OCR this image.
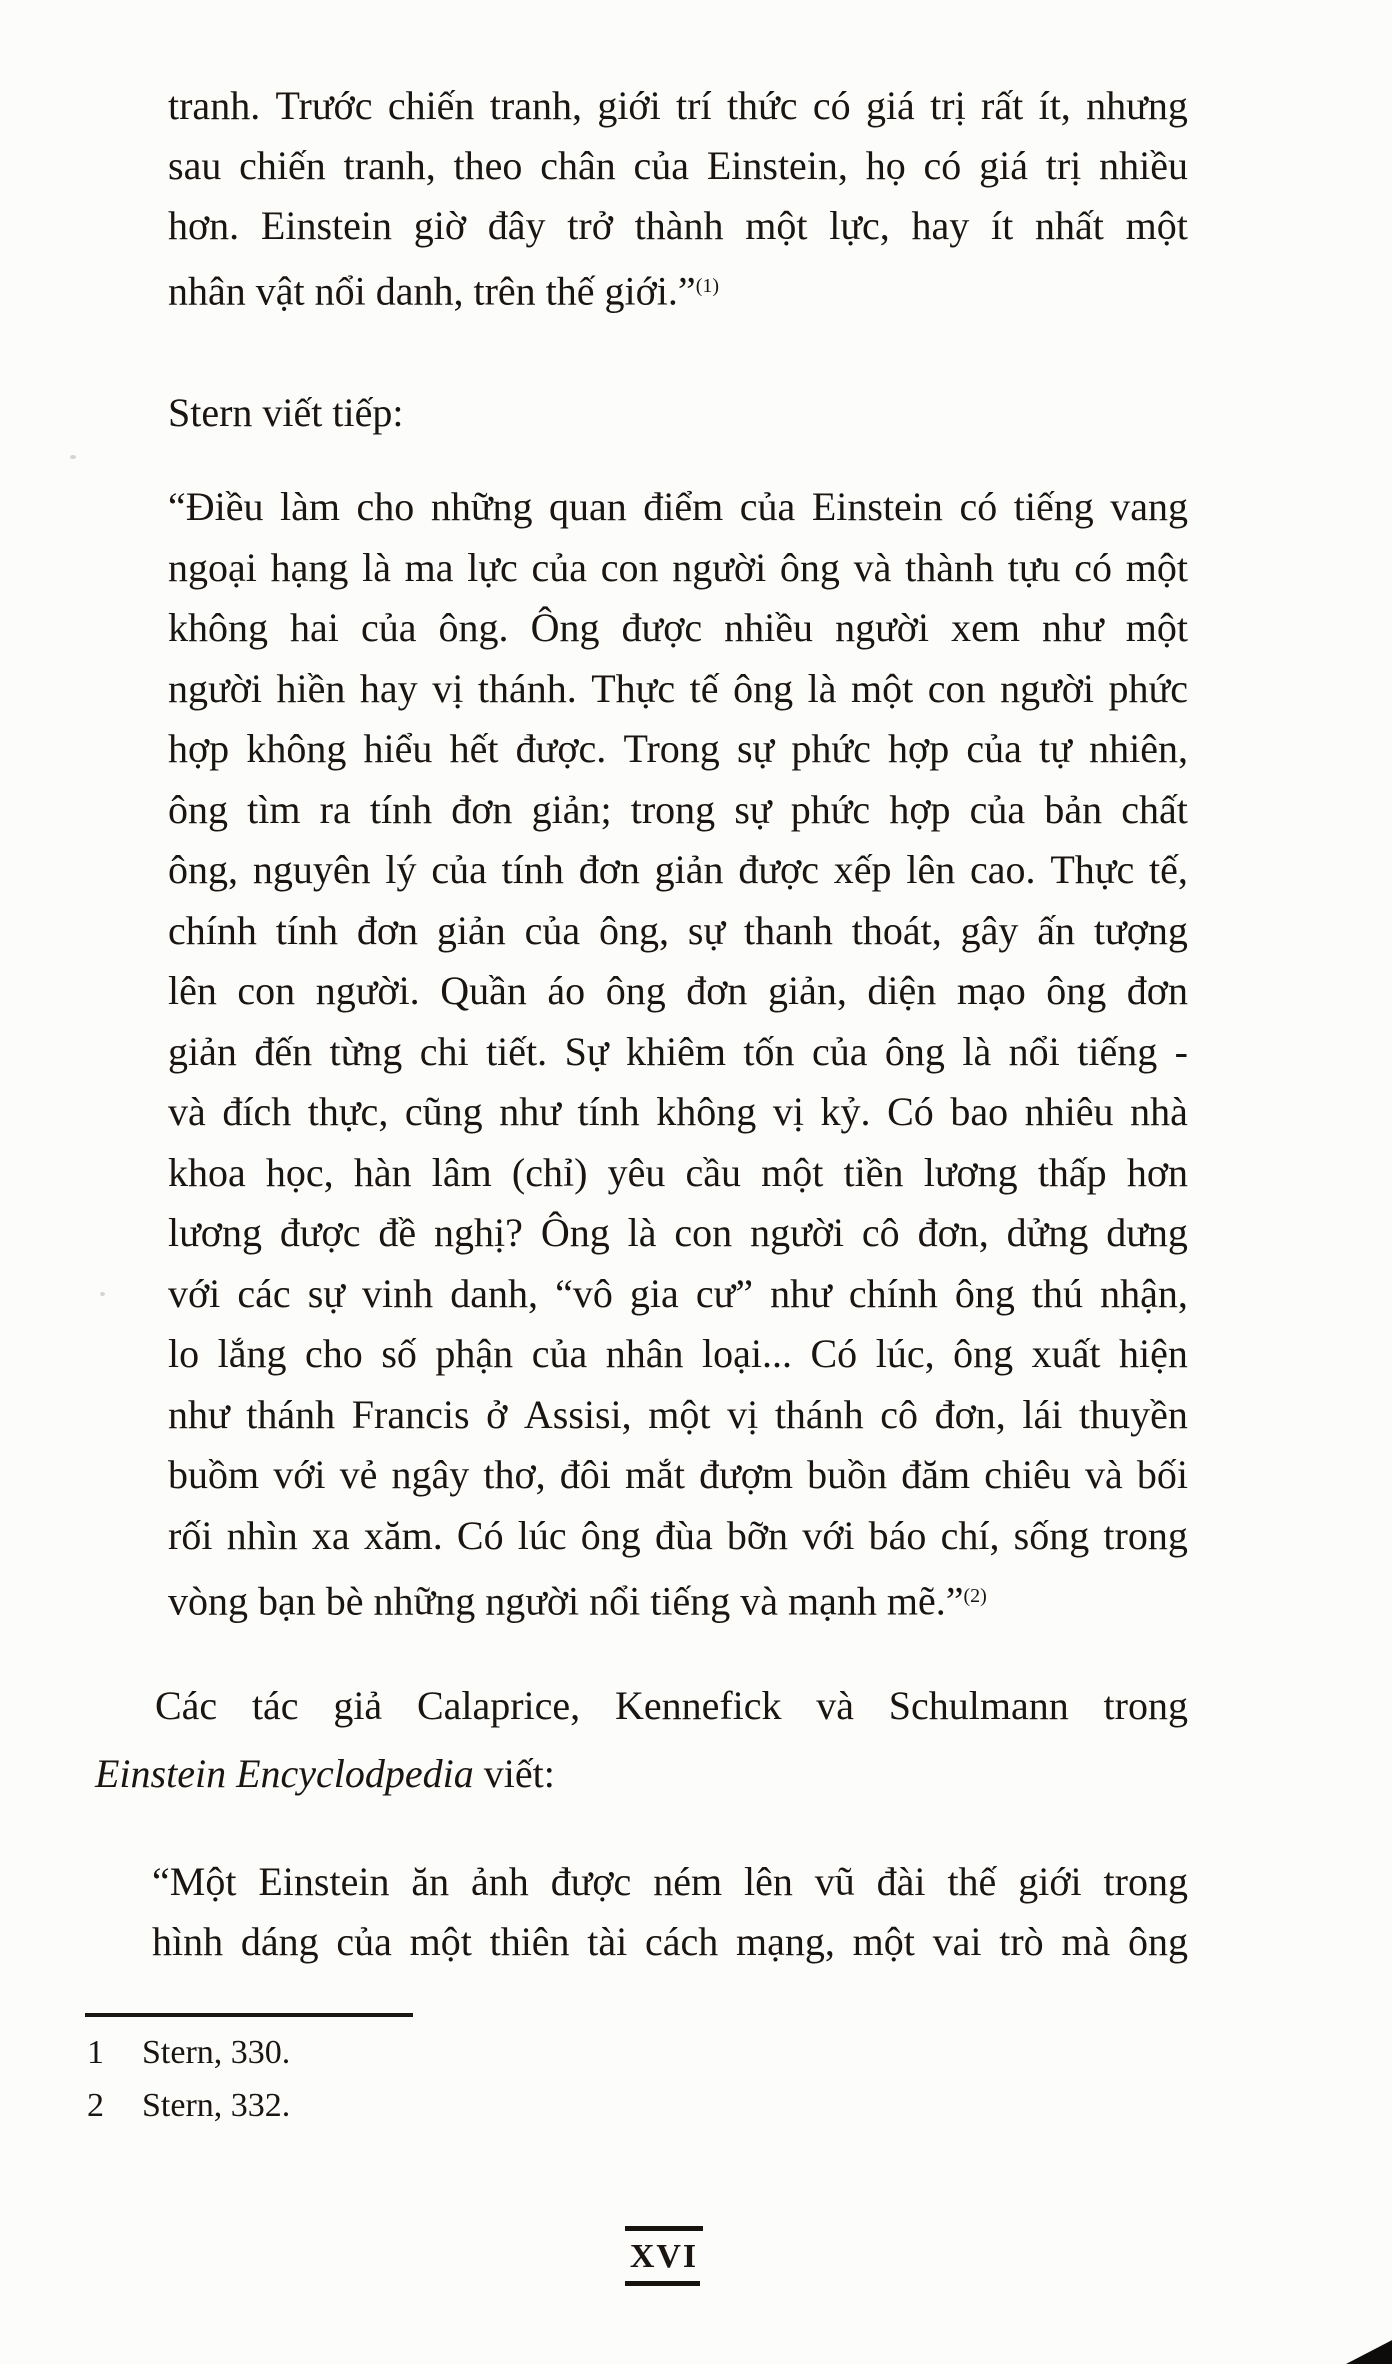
tranh. Trước chiến tranh, giới trí thức có giá trị rất ít, nhưng
sau chiến tranh, theo chân của Einstein, họ có giá trị nhiều
hơn. Einstein giờ đây trở thành một lực, hay ít nhất một
nhân vật nổi danh, trên thế giới.”$^{(1)}$
Stern viết tiếp:
“Điều làm cho những quan điểm của Einstein có tiếng vang
ngoại hạng là ma lực của con người ông và thành tựu có một
không hai của ông. Ông được nhiều người xem như một
người hiền hay vị thánh. Thực tế ông là một con người phức
hợp không hiểu hết được. Trong sự phức hợp của tự nhiên,
ông tìm ra tính đơn giản; trong sự phức hợp của bản chất
ông, nguyên lý của tính đơn giản được xếp lên cao. Thực tế,
chính tính đơn giản của ông, sự thanh thoát, gây ấn tượng
lên con người. Quần áo ông đơn giản, diện mạo ông đơn
giản đến từng chi tiết. Sự khiêm tốn của ông là nổi tiếng -
và đích thực, cũng như tính không vị kỷ. Có bao nhiêu nhà
khoa học, hàn lâm (chỉ) yêu cầu một tiền lương thấp hơn
lương được đề nghị? Ông là con người cô đơn, dửng dưng
với các sự vinh danh, “vô gia cư” như chính ông thú nhận,
lo lắng cho số phận của nhân loại... Có lúc, ông xuất hiện
như thánh Francis ở Assisi, một vị thánh cô đơn, lái thuyền
buồm với vẻ ngây thơ, đôi mắt đượm buồn đăm chiêu và bối
rối nhìn xa xăm. Có lúc ông đùa bỡn với báo chí, sống trong
vòng bạn bè những người nổi tiếng và mạnh mẽ.”$^{(2)}$
Các tác giả Calaprice, Kennefick và Schulmann trong
Einstein Encyclodpedia viết:
“Một Einstein ăn ảnh được ném lên vũ đài thế giới trong
hình dáng của một thiên tài cách mạng, một vai trò mà ông
1	Stern, 330.
2	Stern, 332.
XVI
